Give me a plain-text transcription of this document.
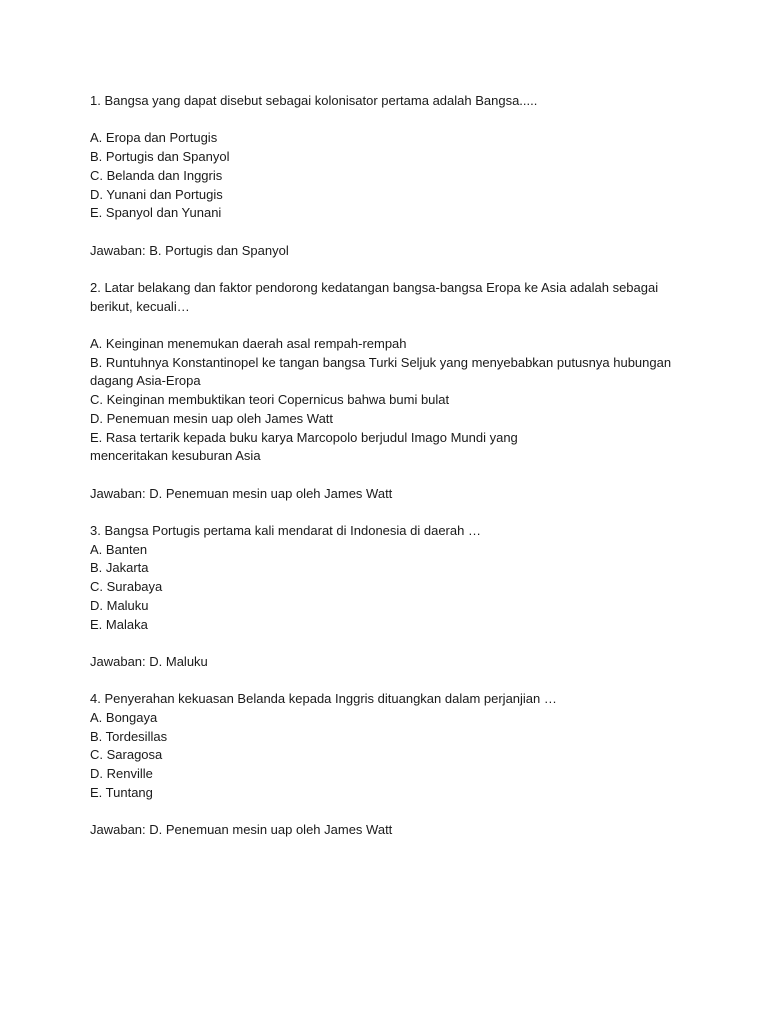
1. Bangsa yang dapat disebut sebagai kolonisator pertama adalah Bangsa.....
A. Eropa dan Portugis
B. Portugis dan Spanyol
C. Belanda dan Inggris
D. Yunani dan Portugis
E. Spanyol dan Yunani
Jawaban: B. Portugis dan Spanyol
2. Latar belakang dan faktor pendorong kedatangan bangsa-bangsa Eropa ke Asia adalah sebagai
berikut, kecuali…
A. Keinginan menemukan daerah asal rempah-rempah
B. Runtuhnya Konstantinopel ke tangan bangsa Turki Seljuk yang menyebabkan putusnya hubungan
dagang Asia-Eropa
C. Keinginan membuktikan teori Copernicus bahwa bumi bulat
D. Penemuan mesin uap oleh James Watt
E. Rasa tertarik kepada buku karya Marcopolo berjudul Imago Mundi yang
menceritakan kesuburan Asia
Jawaban: D. Penemuan mesin uap oleh James Watt
3. Bangsa Portugis pertama kali mendarat di Indonesia di daerah …
A. Banten
B. Jakarta
C. Surabaya
D. Maluku
E. Malaka
Jawaban: D. Maluku
4. Penyerahan kekuasan Belanda kepada Inggris dituangkan dalam perjanjian …
A. Bongaya
B. Tordesillas
C. Saragosa
D. Renville
E. Tuntang
Jawaban: D. Penemuan mesin uap oleh James Watt
